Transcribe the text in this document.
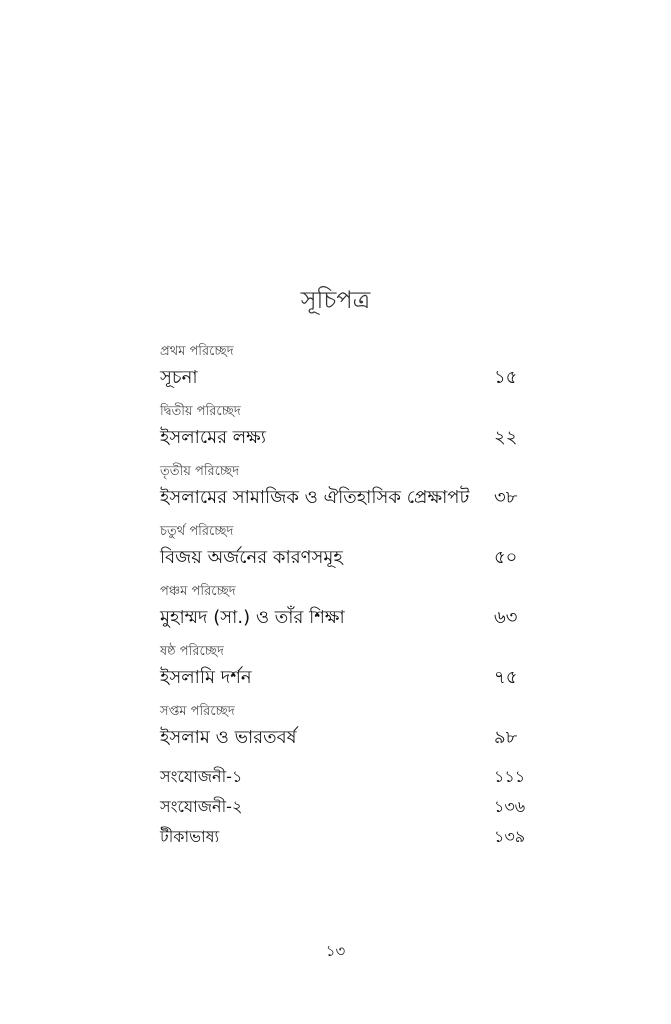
সূচিপত্র
প্রথম পরিচ্ছেদ
সূচনা	১৫
দ্বিতীয় পরিচ্ছেদ
ইসলামের লক্ষ্য	২২
তৃতীয় পরিচ্ছেদ
ইসলামের সামাজিক ও ঐতিহাসিক প্রেক্ষাপট ৩৮
চতুর্থ পরিচ্ছেদ
বিজয় অর্জনের কারণসমূহ	৫০
পঞ্চম পরিচ্ছেদ
মুহাম্মদ (সা.) ও তাঁর শিক্ষা	৬৩
ষষ্ঠ পরিচ্ছেদ
ইসলামি দর্শন	৭৫
সপ্তম পরিচ্ছেদ
ইসলাম ও ভারতবর্ষ	৯৮
সংযোজনী-১	১১১
সংযোজনী-২	১৩৬
টীকাভাষ্য	১৩৯
১৩
